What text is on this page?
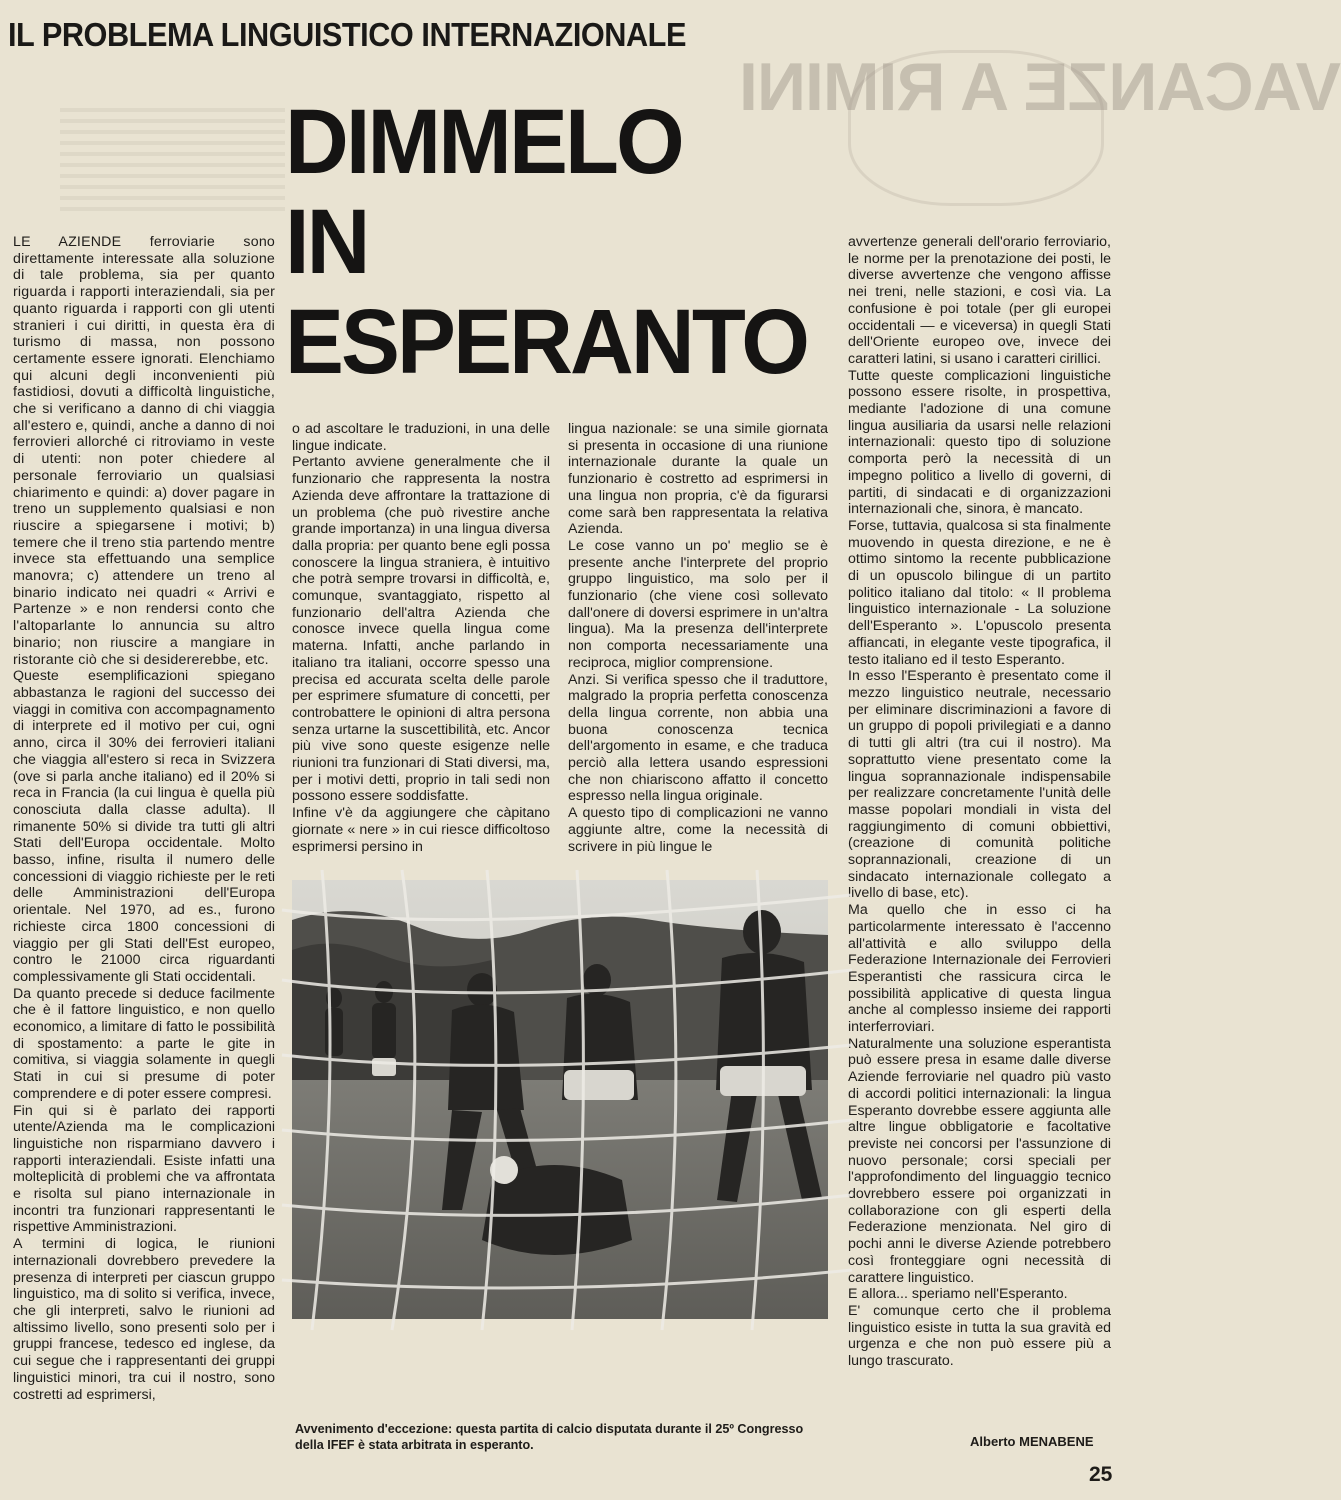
VACANZE A RIMINI
IL PROBLEMA LINGUISTICO INTERNAZIONALE
DIMMELO
IN
ESPERANTO

LE AZIENDE ferroviarie sono direttamente interessate alla soluzione di tale problema, sia per quanto riguarda i rapporti interaziendali, sia per quanto riguarda i rapporti con gli utenti stranieri i cui diritti, in questa èra di turismo di massa, non possono certamente essere ignorati. Elenchiamo qui alcuni degli inconvenienti più fastidiosi, dovuti a difficoltà linguistiche, che si verificano a danno di chi viaggia all'estero e, quindi, anche a danno di noi ferrovieri allorché ci ritroviamo in veste di utenti: non poter chiedere al personale ferroviario un qualsiasi chiarimento e quindi: a) dover pagare in treno un supplemento qualsiasi e non riuscire a spiegarsene i motivi; b) temere che il treno stia partendo mentre invece sta effettuando una semplice manovra; c) attendere un treno al binario indicato nei quadri « Arrivi e Partenze » e non rendersi conto che l'altoparlante lo annuncia su altro binario; non riuscire a mangiare in ristorante ciò che si desidererebbe, etc.

Queste esemplificazioni spiegano abbastanza le ragioni del successo dei viaggi in comitiva con accompagnamento di interprete ed il motivo per cui, ogni anno, circa il 30% dei ferrovieri italiani che viaggia all'estero si reca in Svizzera (ove si parla anche italiano) ed il 20% si reca in Francia (la cui lingua è quella più conosciuta dalla classe adulta). Il rimanente 50% si divide tra tutti gli altri Stati dell'Europa occidentale. Molto basso, infine, risulta il numero delle concessioni di viaggio richieste per le reti delle Amministrazioni dell'Europa orientale. Nel 1970, ad es., furono richieste circa 1800 concessioni di viaggio per gli Stati dell'Est europeo, contro le 21000 circa riguardanti complessivamente gli Stati occidentali.

Da quanto precede si deduce facilmente che è il fattore linguistico, e non quello economico, a limitare di fatto le possibilità di spostamento: a parte le gite in comitiva, si viaggia solamente in quegli Stati in cui si presume di poter comprendere e di poter essere compresi.

Fin qui si è parlato dei rapporti utente/Azienda ma le complicazioni linguistiche non risparmiano davvero i rapporti interaziendali. Esiste infatti una molteplicità di problemi che va affrontata e risolta sul piano internazionale in incontri tra funzionari rappresentanti le rispettive Amministrazioni.

A termini di logica, le riunioni internazionali dovrebbero prevedere la presenza di interpreti per ciascun gruppo linguistico, ma di solito si verifica, invece, che gli interpreti, salvo le riunioni ad altissimo livello, sono presenti solo per i gruppi francese, tedesco ed inglese, da cui segue che i rappresentanti dei gruppi linguistici minori, tra cui il nostro, sono costretti ad esprimersi,

o ad ascoltare le traduzioni, in una delle lingue indicate.

Pertanto avviene generalmente che il funzionario che rappresenta la nostra Azienda deve affrontare la trattazione di un problema (che può rivestire anche grande importanza) in una lingua diversa dalla propria: per quanto bene egli possa conoscere la lingua straniera, è intuitivo che potrà sempre trovarsi in difficoltà, e, comunque, svantaggiato, rispetto al funzionario dell'altra Azienda che conosce invece quella lingua come materna. Infatti, anche parlando in italiano tra italiani, occorre spesso una precisa ed accurata scelta delle parole per esprimere sfumature di concetti, per controbattere le opinioni di altra persona senza urtarne la suscettibilità, etc. Ancor più vive sono queste esigenze nelle riunioni tra funzionari di Stati diversi, ma, per i motivi detti, proprio in tali sedi non possono essere soddisfatte.

Infine v'è da aggiungere che càpitano giornate « nere » in cui riesce difficoltoso esprimersi persino in

lingua nazionale: se una simile giornata si presenta in occasione di una riunione internazionale durante la quale un funzionario è costretto ad esprimersi in una lingua non propria, c'è da figurarsi come sarà ben rappresentata la relativa Azienda.

Le cose vanno un po' meglio se è presente anche l'interprete del proprio gruppo linguistico, ma solo per il funzionario (che viene così sollevato dall'onere di doversi esprimere in un'altra lingua). Ma la presenza dell'interprete non comporta necessariamente una reciproca, miglior comprensione.

Anzi. Si verifica spesso che il traduttore, malgrado la propria perfetta conoscenza della lingua corrente, non abbia una buona conoscenza tecnica dell'argomento in esame, e che traduca perciò alla lettera usando espressioni che non chiariscono affatto il concetto espresso nella lingua originale.

A questo tipo di complicazioni ne vanno aggiunte altre, come la necessità di scrivere in più lingue le

avvertenze generali dell'orario ferroviario, le norme per la prenotazione dei posti, le diverse avvertenze che vengono affisse nei treni, nelle stazioni, e così via. La confusione è poi totale (per gli europei occidentali — e viceversa) in quegli Stati dell'Oriente europeo ove, invece dei caratteri latini, si usano i caratteri cirillici.

Tutte queste complicazioni linguistiche possono essere risolte, in prospettiva, mediante l'adozione di una comune lingua ausiliaria da usarsi nelle relazioni internazionali: questo tipo di soluzione comporta però la necessità di un impegno politico a livello di governi, di partiti, di sindacati e di organizzazioni internazionali che, sinora, è mancato.

Forse, tuttavia, qualcosa si sta finalmente muovendo in questa direzione, e ne è ottimo sintomo la recente pubblicazione di un opuscolo bilingue di un partito politico italiano dal titolo: « Il problema linguistico internazionale - La soluzione dell'Esperanto ». L'opuscolo presenta affiancati, in elegante veste tipografica, il testo italiano ed il testo Esperanto.

In esso l'Esperanto è presentato come il mezzo linguistico neutrale, necessario per eliminare discriminazioni a favore di un gruppo di popoli privilegiati e a danno di tutti gli altri (tra cui il nostro). Ma soprattutto viene presentato come la lingua soprannazionale indispensabile per realizzare concretamente l'unità delle masse popolari mondiali in vista del raggiungimento di comuni obbiettivi, (creazione di comunità politiche soprannazionali, creazione di un sindacato internazionale collegato a livello di base, etc).

Ma quello che in esso ci ha particolarmente interessato è l'accenno all'attività e allo sviluppo della Federazione Internazionale dei Ferrovieri Esperantisti che rassicura circa le possibilità applicative di questa lingua anche al complesso insieme dei rapporti interferroviari.

Naturalmente una soluzione esperantista può essere presa in esame dalle diverse Aziende ferroviarie nel quadro più vasto di accordi politici internazionali: la lingua Esperanto dovrebbe essere aggiunta alle altre lingue obbligatorie e facoltative previste nei concorsi per l'assunzione di nuovo personale; corsi speciali per l'approfondimento del linguaggio tecnico dovrebbero essere poi organizzati in collaborazione con gli esperti della Federazione menzionata. Nel giro di pochi anni le diverse Aziende potrebbero così fronteggiare ogni necessità di carattere linguistico.

E allora... speriamo nell'Esperanto.

E' comunque certo che il problema linguistico esiste in tutta la sua gravità ed urgenza e che non può essere più a lungo trascurato.

Avvenimento d'eccezione: questa partita di calcio disputata durante il 25º Congresso della IFEF è stata arbitrata in esperanto.	Alberto MENABENE
25
